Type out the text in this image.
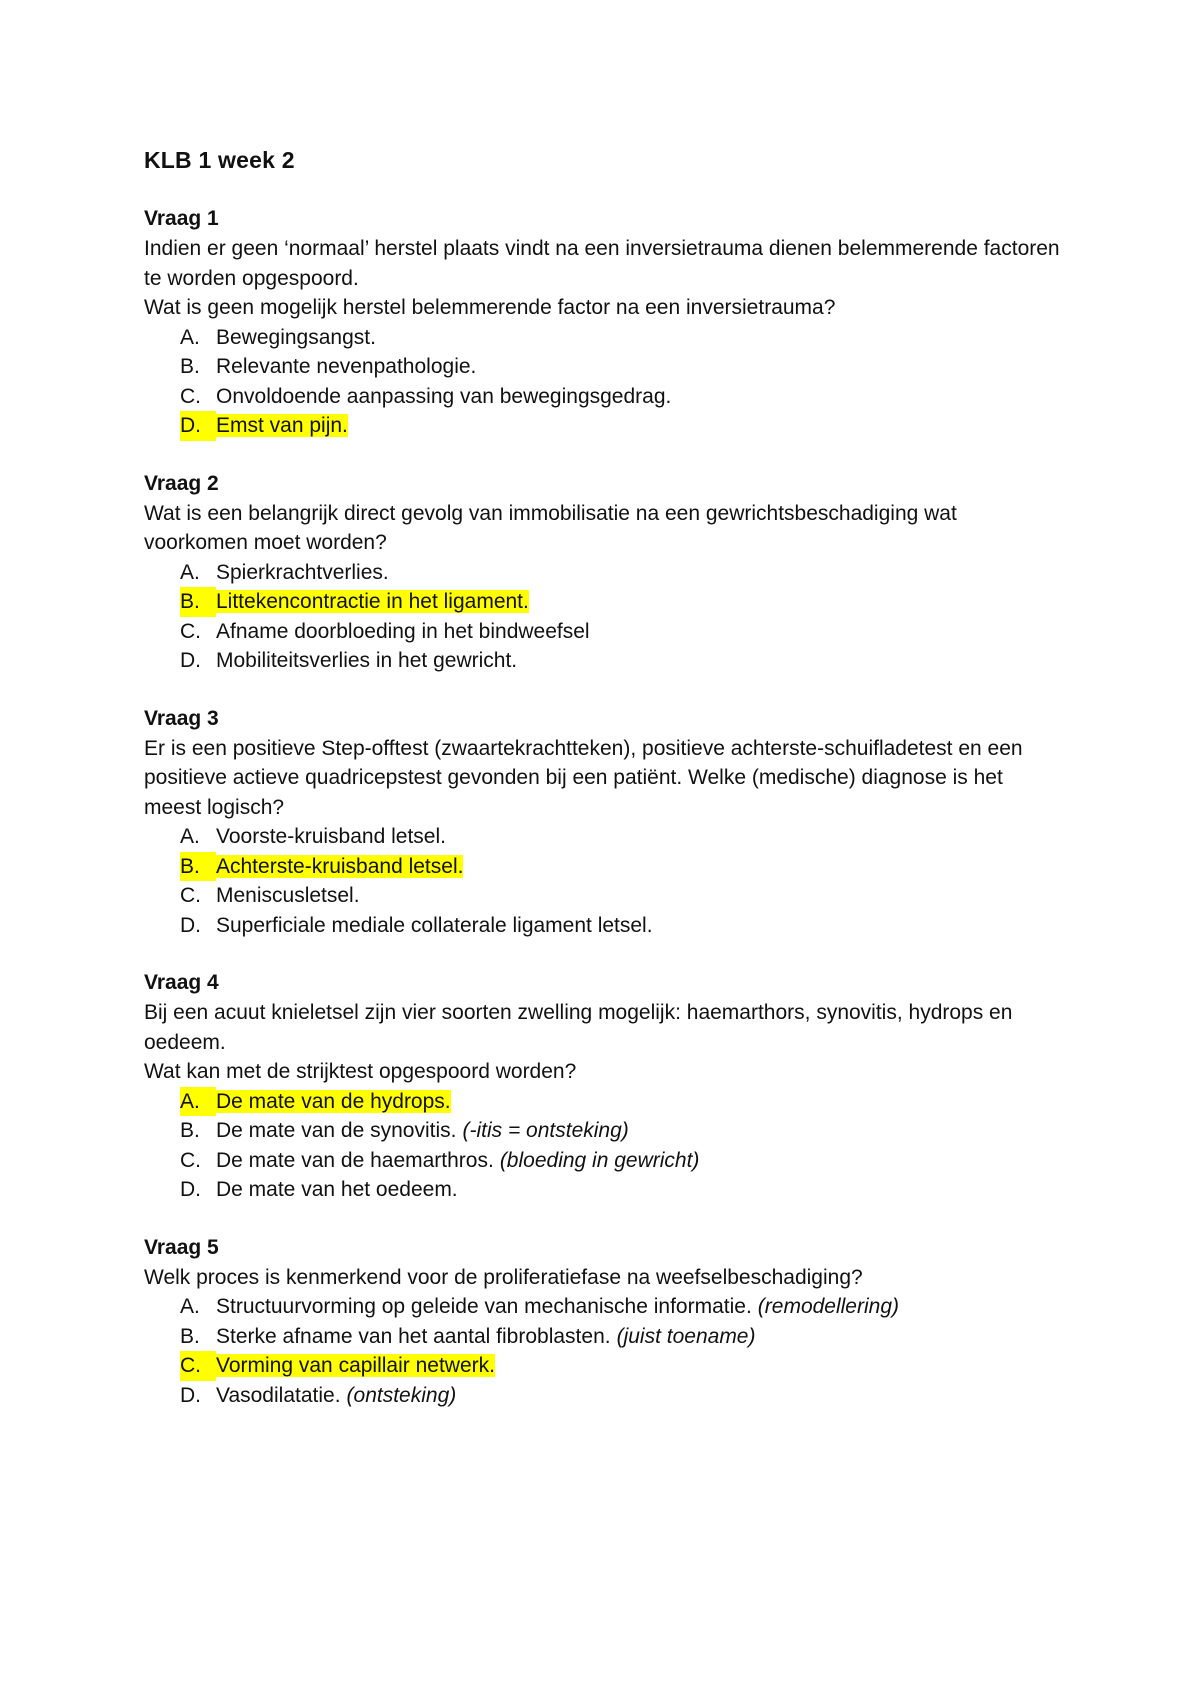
KLB 1 week 2
Vraag 1
Indien er geen ‘normaal’ herstel plaats vindt na een inversietrauma dienen belemmerende factoren te worden opgespoord.
Wat is geen mogelijk herstel belemmerende factor na een inversietrauma?
A. Bewegingsangst.
B. Relevante nevenpathologie.
C. Onvoldoende aanpassing van bewegingsgedrag.
D. Emst van pijn.
Vraag 2
Wat is een belangrijk direct gevolg van immobilisatie na een gewrichtsbeschadiging wat voorkomen moet worden?
A. Spierkrachtverlies.
B. Littekencontractie in het ligament.
C. Afname doorbloeding in het bindweefsel
D. Mobiliteitsverlies in het gewricht.
Vraag 3
Er is een positieve Step-offtest (zwaartekrachtteken), positieve achterste-schuifladetest en een positieve actieve quadricepstest gevonden bij een patiënt. Welke (medische) diagnose is het meest logisch?
A. Voorste-kruisband letsel.
B. Achterste-kruisband letsel.
C. Meniscusletsel.
D. Superficiale mediale collaterale ligament letsel.
Vraag 4
Bij een acuut knieletsel zijn vier soorten zwelling mogelijk: haemarthors, synovitis, hydrops en oedeem.
Wat kan met de strijktest opgespoord worden?
A. De mate van de hydrops.
B. De mate van de synovitis. (-itis = ontsteking)
C. De mate van de haemarthros. (bloeding in gewricht)
D. De mate van het oedeem.
Vraag 5
Welk proces is kenmerkend voor de proliferatiefase na weefselbeschadiging?
A. Structuurvorming op geleide van mechanische informatie. (remodellering)
B. Sterke afname van het aantal fibroblasten. (juist toename)
C. Vorming van capillair netwerk.
D. Vasodilatatie. (ontsteking)
